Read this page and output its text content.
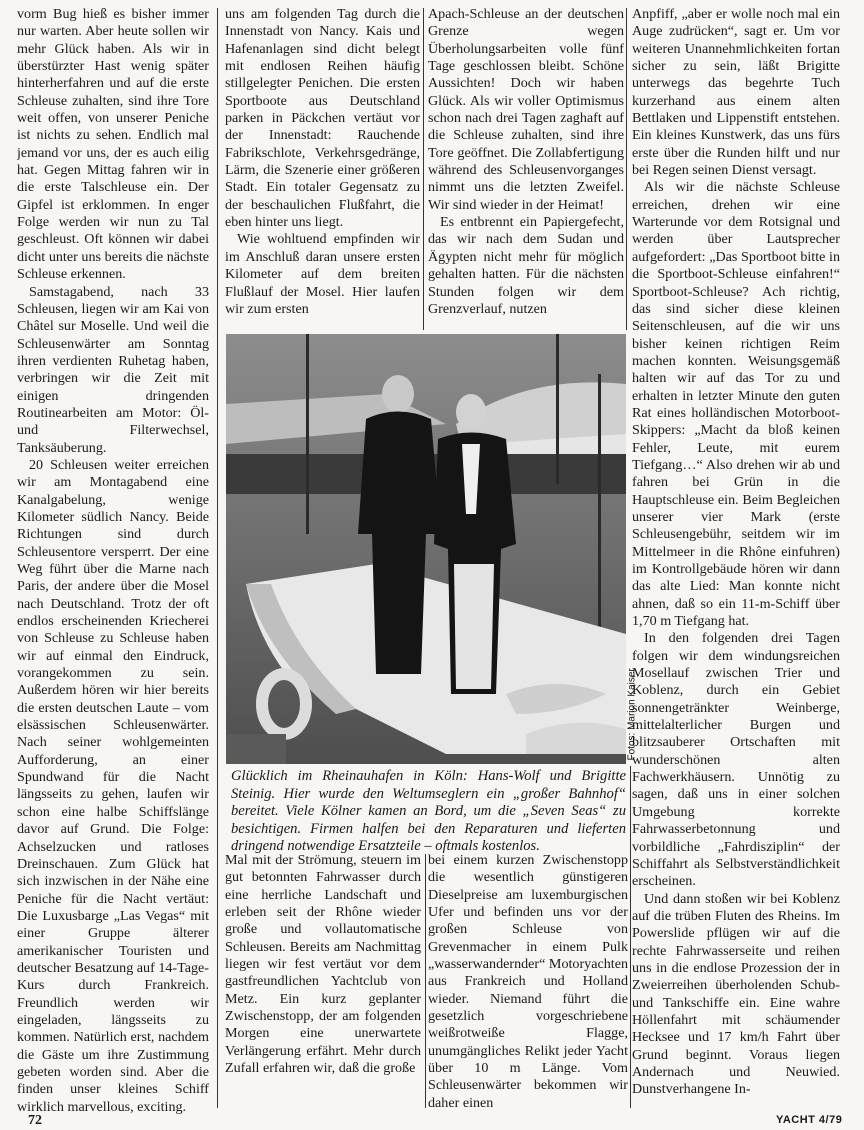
vorm Bug hieß es bisher immer nur warten. Aber heute sollen wir mehr Glück haben. Als wir in überstürzter Hast wenig später hinterherfahren und auf die erste Schleuse zuhalten, sind ihre Tore weit offen, von unserer Peniche ist nichts zu sehen. Endlich mal jemand vor uns, der es auch eilig hat. Gegen Mittag fahren wir in die erste Talschleuse ein. Der Gipfel ist erklommen. In enger Folge werden wir nun zu Tal geschleust. Oft können wir dabei dicht unter uns bereits die nächste Schleuse erkennen.

Samstagabend, nach 33 Schleusen, liegen wir am Kai von Châtel sur Moselle. Und weil die Schleusenwärter am Sonntag ihren verdienten Ruhetag haben, verbringen wir die Zeit mit einigen dringenden Routinearbeiten am Motor: Öl- und Filterwechsel, Tanksäuberung.

20 Schleusen weiter erreichen wir am Montagabend eine Kanalgabelung, wenige Kilometer südlich Nancy. Beide Richtungen sind durch Schleusentore versperrt. Der eine Weg führt über die Marne nach Paris, der andere über die Mosel nach Deutschland. Trotz der oft endlos erscheinenden Kriecherei von Schleuse zu Schleuse haben wir auf einmal den Eindruck, vorangekommen zu sein. Außerdem hören wir hier bereits die ersten deutschen Laute – vom elsässischen Schleusenwärter. Nach seiner wohlgemeinten Aufforderung, an einer Spundwand für die Nacht längsseits zu gehen, laufen wir schon eine halbe Schiffslänge davor auf Grund. Die Folge: Achselzucken und ratloses Dreinschauen. Zum Glück hat sich inzwischen in der Nähe eine Peniche für die Nacht vertäut: Die Luxusbarge „Las Vegas“ mit einer Gruppe älterer amerikanischer Touristen und deutscher Besatzung auf 14-Tage-Kurs durch Frankreich. Freundlich werden wir eingeladen, längsseits zu kommen. Natürlich erst, nachdem die Gäste um ihre Zustimmung gebeten worden sind. Aber die finden unser kleines Schiff wirklich marvellous, exciting.

uns am folgenden Tag durch die Innenstadt von Nancy. Kais und Hafenanlagen sind dicht belegt mit endlosen Reihen häufig stillgelegter Penichen. Die ersten Sportboote aus Deutschland parken in Päckchen vertäut vor der Innenstadt: Rauchende Fabrikschlote, Verkehrsgedränge, Lärm, die Szenerie einer größeren Stadt. Ein totaler Gegensatz zu der beschaulichen Flußfahrt, die eben hinter uns liegt.

Wie wohltuend empfinden wir im Anschluß daran unsere ersten Kilometer auf dem breiten Flußlauf der Mosel. Hier laufen wir zum ersten

Apach-Schleuse an der deutschen Grenze wegen Überholungsarbeiten volle fünf Tage geschlossen bleibt. Schöne Aussichten! Doch wir haben Glück. Als wir voller Optimismus schon nach drei Tagen zaghaft auf die Schleuse zuhalten, sind ihre Tore geöffnet. Die Zollabfertigung während des Schleusenvorganges nimmt uns die letzten Zweifel. Wir sind wieder in der Heimat!

Es entbrennt ein Papiergefecht, das wir nach dem Sudan und Ägypten nicht mehr für möglich gehalten hatten. Für die nächsten Stunden folgen wir dem Grenzverlauf, nutzen

Anpfiff, „aber er wolle noch mal ein Auge zudrücken“, sagt er. Um vor weiteren Unannehmlichkeiten fortan sicher zu sein, läßt Brigitte unterwegs das begehrte Tuch kurzerhand aus einem alten Bettlaken und Lippenstift entstehen. Ein kleines Kunstwerk, das uns fürs erste über die Runden hilft und nur bei Regen seinen Dienst versagt.

Als wir die nächste Schleuse erreichen, drehen wir eine Warterunde vor dem Rotsignal und werden über Lautsprecher aufgefordert: „Das Sportboot bitte in die Sportboot-Schleuse einfahren!“ Sportboot-Schleuse? Ach richtig, das sind sicher diese kleinen Seitenschleusen, auf die wir uns bisher keinen richtigen Reim machen konnten. Weisungsgemäß halten wir auf das Tor zu und erhalten in letzter Minute den guten Rat eines holländischen Motorboot-Skippers: „Macht da bloß keinen Fehler, Leute, mit eurem Tiefgang…“ Also drehen wir ab und fahren bei Grün in die Hauptschleuse ein. Beim Begleichen unserer vier Mark (erste Schleusengebühr, seitdem wir im Mittelmeer in die Rhône einfuhren) im Kontrollgebäude hören wir dann das alte Lied: Man konnte nicht ahnen, daß so ein 11-m-Schiff über 1,70 m Tiefgang hat.

In den folgenden drei Tagen folgen wir dem windungsreichen Mosellauf zwischen Trier und Koblenz, durch ein Gebiet sonnengetränkter Weinberge, mittelalterlicher Burgen und blitzsauberer Ortschaften mit wunderschönen alten Fachwerkhäusern. Unnötig zu sagen, daß uns in einer solchen Umgebung korrekte Fahrwasserbetonnung und vorbildliche „Fahrdisziplin“ der Schiffahrt als Selbstverständlichkeit erscheinen.

Und dann stoßen wir bei Koblenz auf die trüben Fluten des Rheins. Im Powerslide pflügen wir auf die rechte Fahrwasserseite und reihen uns in die endlose Prozession der in Zweierreihen überholenden Schub- und Tankschiffe ein. Eine wahre Höllenfahrt mit schäumender Hecksee und 17 km/h Fahrt über Grund beginnt. Voraus liegen Andernach und Neuwied. Dunstverhangene In-

Fotos: Marion Kaiser
Glücklich im Rheinauhafen in Köln: Hans-Wolf und Brigitte Steinig. Hier wurde den Weltumseglern ein „großer Bahnhof“ bereitet. Viele Kölner kamen an Bord, um die „Seven Seas“ zu besichtigen. Firmen halfen bei den Reparaturen und lieferten dringend notwendige Ersatzteile – oftmals kostenlos.

Mal mit der Strömung, steuern im gut betonnten Fahrwasser durch eine herrliche Landschaft und erleben seit der Rhône wieder große und vollautomatische Schleusen. Bereits am Nachmittag liegen wir fest vertäut vor dem gastfreundlichen Yachtclub von Metz. Ein kurz geplanter Zwischenstopp, der am folgenden Morgen eine unerwartete Verlängerung erfährt. Mehr durch Zufall erfahren wir, daß die große

bei einem kurzen Zwischenstopp die wesentlich günstigeren Dieselpreise am luxemburgischen Ufer und befinden uns vor der großen Schleuse von Grevenmacher in einem Pulk „wasserwandernder“ Motoryachten aus Frankreich und Holland wieder. Niemand führt die gesetzlich vorgeschriebene weißrotweiße Flagge, unumgängliches Relikt jeder Yacht über 10 m Länge. Vom Schleusenwärter bekommen wir daher einen

72	YACHT 4/79
